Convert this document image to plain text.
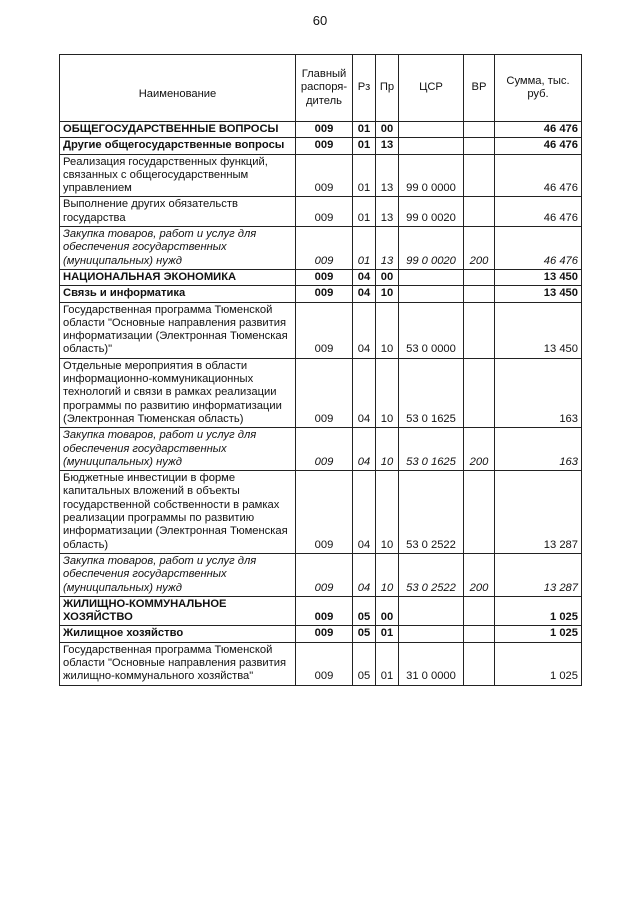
60
Наименование	Главный распоря-дитель	Рз	Пр	ЦСР	ВР	Сумма, тыс. руб.
ОБЩЕГОСУДАРСТВЕННЫЕ ВОПРОСЫ	009	01	00			46 476
Другие общегосударственные вопросы	009	01	13			46 476
Реализация государственных функций, связанных с общегосударственным управлением	009	01	13	99 0 0000		46 476
Выполнение других обязательств государства	009	01	13	99 0 0020		46 476
Закупка товаров, работ и услуг для обеспечения государственных (муниципальных) нужд	009	01	13	99 0 0020	200	46 476
НАЦИОНАЛЬНАЯ ЭКОНОМИКА	009	04	00			13 450
Связь и информатика	009	04	10			13 450
Государственная программа Тюменской области "Основные направления развития информатизации (Электронная Тюменская область)"	009	04	10	53 0 0000		13 450
Отдельные мероприятия в области информационно-коммуникационных технологий и связи в рамках реализации программы по развитию информатизации (Электронная Тюменская область)	009	04	10	53 0 1625		163
Закупка товаров, работ и услуг для обеспечения государственных (муниципальных) нужд	009	04	10	53 0 1625	200	163
Бюджетные инвестиции в форме капитальных вложений в объекты государственной собственности в рамках реализации программы по развитию информатизации (Электронная Тюменская область)	009	04	10	53 0 2522		13 287
Закупка товаров, работ и услуг для обеспечения государственных (муниципальных) нужд	009	04	10	53 0 2522	200	13 287
ЖИЛИЩНО-КОММУНАЛЬНОЕ ХОЗЯЙСТВО	009	05	00			1 025
Жилищное хозяйство	009	05	01			1 025
Государственная программа Тюменской области "Основные направления развития жилищно-коммунального хозяйства"	009	05	01	31 0 0000		1 025
